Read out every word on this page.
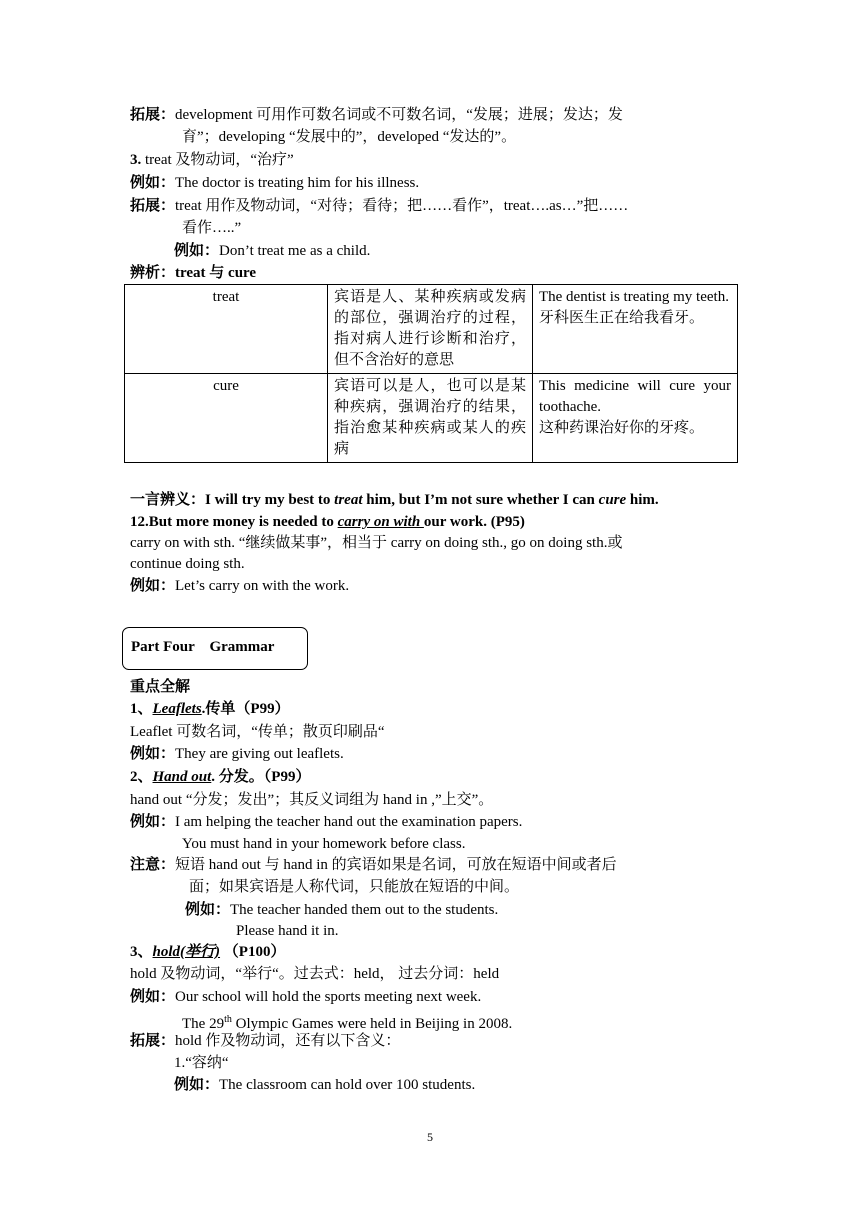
拓展：development 可用作可数名词或不可数名词，“发展；进展；发达；发
育”；developing “发展中的”，developed “发达的”。
3. treat 及物动词，“治疗”
例如：The doctor is treating him for his illness.
拓展：treat 用作及物动词，“对待；看待；把……看作”，treat….as…”把……
看作…..”
例如：Don’t treat me as a child.
辨析：treat 与 cure
treat	宾语是人、某种疾病或发病的部位，强调治疗的过程，指对病人进行诊断和治疗，但不含治好的意思	The dentist is treating my teeth.
牙科医生正在给我看牙。

cure	宾语可以是人，也可以是某种疾病，强调治疗的结果，指治愈某种疾病或某人的疾病	This medicine will cure your toothache.
这种药课治好你的牙疼。
一言辨义：I will try my best to treat him, but I’m not sure whether I can cure him.
12.But more money is needed to carry on with our work. (P95)
carry on with sth. “继续做某事”，相当于 carry on doing sth., go on doing sth.或
continue doing sth.
例如：Let’s carry on with the work.
Part Four    Grammar
重点全解
1、Leaflets.传单（P99）
Leaflet 可数名词，“传单；散页印刷品“
例如：They are giving out leaflets.
2、Hand out. 分发。（P99）
hand out “分发；发出”；其反义词组为 hand in ,”上交”。
例如：I am helping the teacher hand out the examination papers.
You must hand in your homework before class.
注意：短语 hand out 与 hand in 的宾语如果是名词，可放在短语中间或者后
面；如果宾语是人称代词，只能放在短语的中间。
例如：The teacher handed them out to the students.
Please hand it in.
3、hold(举行) （P100）
hold 及物动词，“举行“。过去式：held， 过去分词：held
例如：Our school will hold the sports meeting next week.
The 29th Olympic Games were held in Beijing in 2008.
拓展：hold 作及物动词，还有以下含义：
1.“容纳“
例如：The classroom can hold over 100 students.
5
